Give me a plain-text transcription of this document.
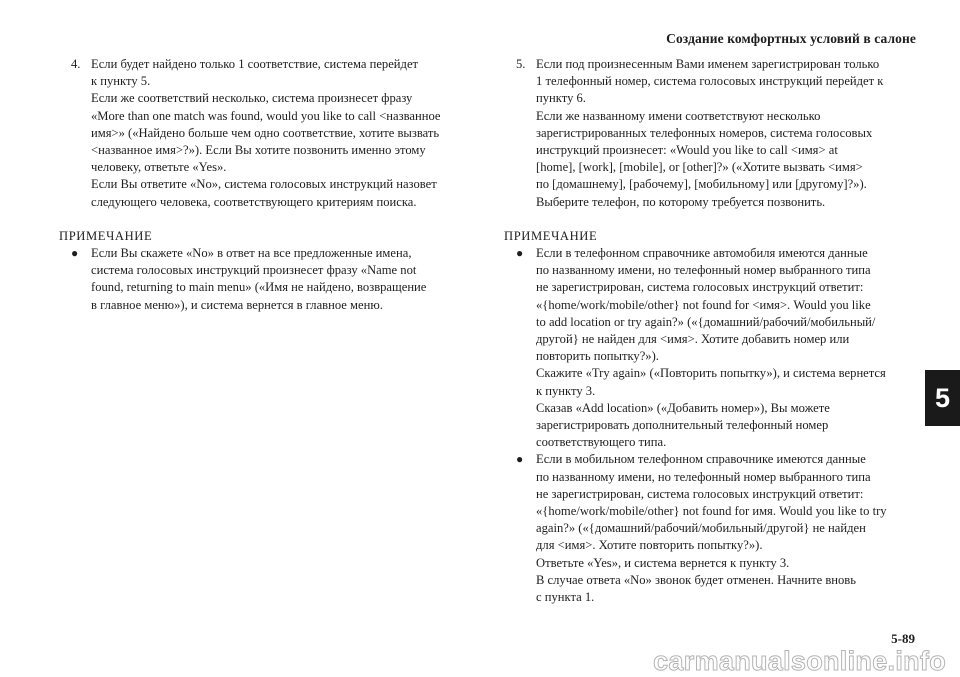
Создание комфортных условий в салоне
4. Если будет найдено только 1 соответствие, система перейдет
к пункту 5.
Если же соответствий несколько, система произнесет фразу
«More than one match was found, would you like to call <названное
имя>» («Найдено больше чем одно соответствие, хотите вызвать
<названное имя>?»). Если Вы хотите позвонить именно этому
человеку, ответьте «Yes».
Если Вы ответите «No», система голосовых инструкций назовет
следующего человека, соответствующего критериям поиска.
ПРИМЕЧАНИЕ
●	Если Вы скажете «No» в ответ на все предложенные имена,
система голосовых инструкций произнесет фразу «Name not
found, returning to main menu» («Имя не найдено, возвращение
в главное меню»), и система вернется в главное меню.
5. Если под произнесенным Вами именем зарегистрирован только
1 телефонный номер, система голосовых инструкций перейдет к
пункту 6.
Если же названному имени соответствуют несколько
зарегистрированных телефонных номеров, система голосовых
инструкций произнесет: «Would you like to call <имя> at
[home], [work], [mobile], or [other]?» («Хотите вызвать <имя>
по [домашнему], [рабочему], [мобильному] или [другому]?»).
Выберите телефон, по которому требуется позвонить.
ПРИМЕЧАНИЕ
●	Если в телефонном справочнике автомобиля имеются данные
по названному имени, но телефонный номер выбранного типа
не зарегистрирован, система голосовых инструкций ответит:
«{home/work/mobile/other} not found for <имя>. Would you like
to add location or try again?» («{домашний/рабочий/мобильный/
другой} не найден для <имя>. Хотите добавить номер или
повторить попытку?»).
Скажите «Try again» («Повторить попытку»), и система вернется
к пункту 3.
Сказав «Add location» («Добавить номер»), Вы можете
зарегистрировать дополнительный телефонный номер
соответствующего типа.
●	Если в мобильном телефонном справочнике имеются данные
по названному имени, но телефонный номер выбранного типа
не зарегистрирован, система голосовых инструкций ответит:
«{home/work/mobile/other} not found for имя. Would you like to try
again?» («{домашний/рабочий/мобильный/другой} не найден
для <имя>. Хотите повторить попытку?»).
Ответьте «Yes», и система вернется к пункту 3.
В случае ответа «No» звонок будет отменен. Начните вновь
с пункта 1.
5
5-89
carmanualsonline.info
